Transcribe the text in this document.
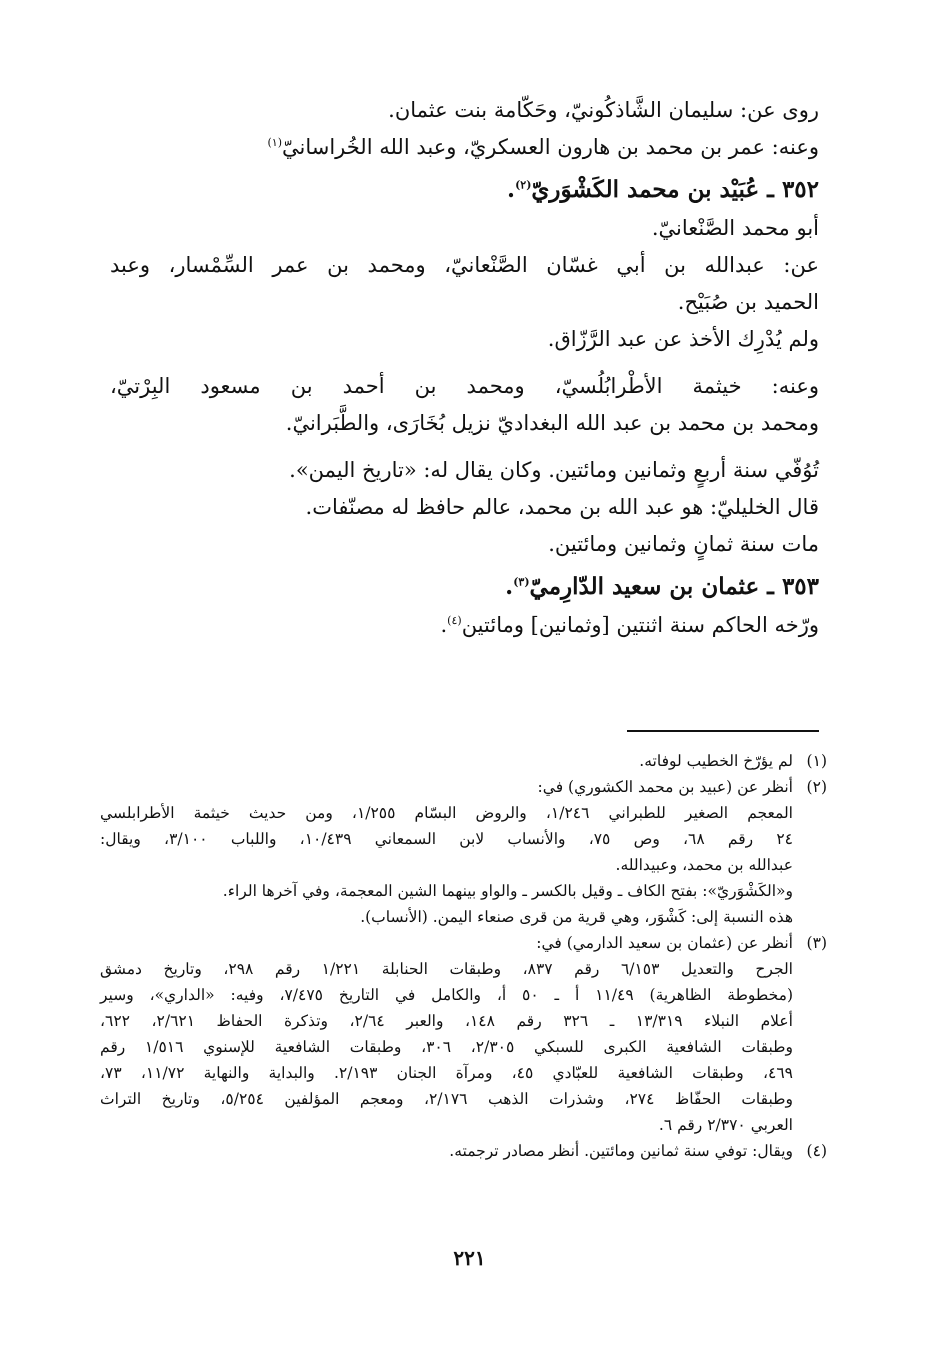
روى عن: سليمان الشَّاذكُونيّ، وحَكّامة بنت عثمان.

وعنه: عمر بن محمد بن هارون العسكريّ، وعبد الله الخُراسانيّ$^{(١)}$

٣٥٢ ـ عُبَيْد بن محمد الكَشْوَريّ$^{(٢)}$.

أبو محمد الصَّنْعانيّ.

عن: عبدالله بن أبي غسّان الصَّنْعانيّ، ومحمد بن عمر السِّمْسار، وعبد

الحميد بن صُبَيْح.

ولم يُدْرِك الأخذ عن عبد الرَّزّاق.

وعنه: خيثمة الأطْرابُلُسيّ، ومحمد بن أحمد بن مسعود البِرْتيّ،

ومحمد بن محمد بن عبد الله البغداديّ نزيل بُخَارَى، والطَّبَرانيّ.

تُوُفّي سنة أربعٍ وثمانين ومائتين. وكان يقال له: «تاريخ اليمن».

قال الخليليّ: هو عبد الله بن محمد، عالم حافظ له مصنّفات.

مات سنة ثمانٍ وثمانين ومائتين.

٣٥٣ ـ عثمان بن سعيد الدّارِميّ$^{(٣)}$.

ورّخه الحاكم سنة اثنتين [وثمانين] ومائتين$^{(٤)}$.

(١)

لم يؤرّخ الخطيب لوفاته.

(٢)

أنظر عن (عبيد بن محمد الكشوري) في:

المعجم الصغير للطبراني ١/٢٤٦، والروض البسّام ١/٢٥٥، ومن حديث خيثمة الأطرابلسي

٢٤ رقم ٦٨، وص ٧٥، والأنساب لابن السمعاني ١٠/٤٣٩، واللباب ٣/١٠٠، ويقال:

عبدالله بن محمد، وعبيدالله.

و«الكَشْوَريّ»: بفتح الكاف ـ وقيل بالكسر ـ والواو بينهما الشين المعجمة، وفي آخرها الراء.

هذه النسبة إلى: كَشْوَر، وهي قرية من قرى صنعاء اليمن. (الأنساب).

(٣)

أنظر عن (عثمان بن سعيد الدارمي) في:

الجرح والتعديل ٦/١٥٣ رقم ٨٣٧، وطبقات الحنابلة ١/٢٢١ رقم ٢٩٨، وتاريخ دمشق

(مخطوطة الظاهرية) ١١/٤٩ أ ـ ٥٠ أ، والكامل في التاريخ ٧/٤٧٥، وفيه: «الداري»، وسير

أعلام النبلاء ١٣/٣١٩ ـ ٣٢٦ رقم ١٤٨، والعبر ٢/٦٤، وتذكرة الحفاظ ٢/٦٢١، ٦٢٢،

وطبقات الشافعية الكبرى للسبكي ٢/٣٠٥، ٣٠٦، وطبقات الشافعية للإسنوي ١/٥١٦ رقم

٤٦٩، وطبقات الشافعية للعبّادي ٤٥، ومرآة الجنان ٢/١٩٣. والبداية والنهاية ١١/٧٢، ٧٣،

وطبقات الحفّاظ ٢٧٤، وشذرات الذهب ٢/١٧٦، ومعجم المؤلفين ٥/٢٥٤، وتاريخ التراث

العربي ٢/٣٧٠ رقم ٦.

(٤)

ويقال: توفي سنة ثمانين ومائتين. أنظر مصادر ترجمته.

٢٢١
